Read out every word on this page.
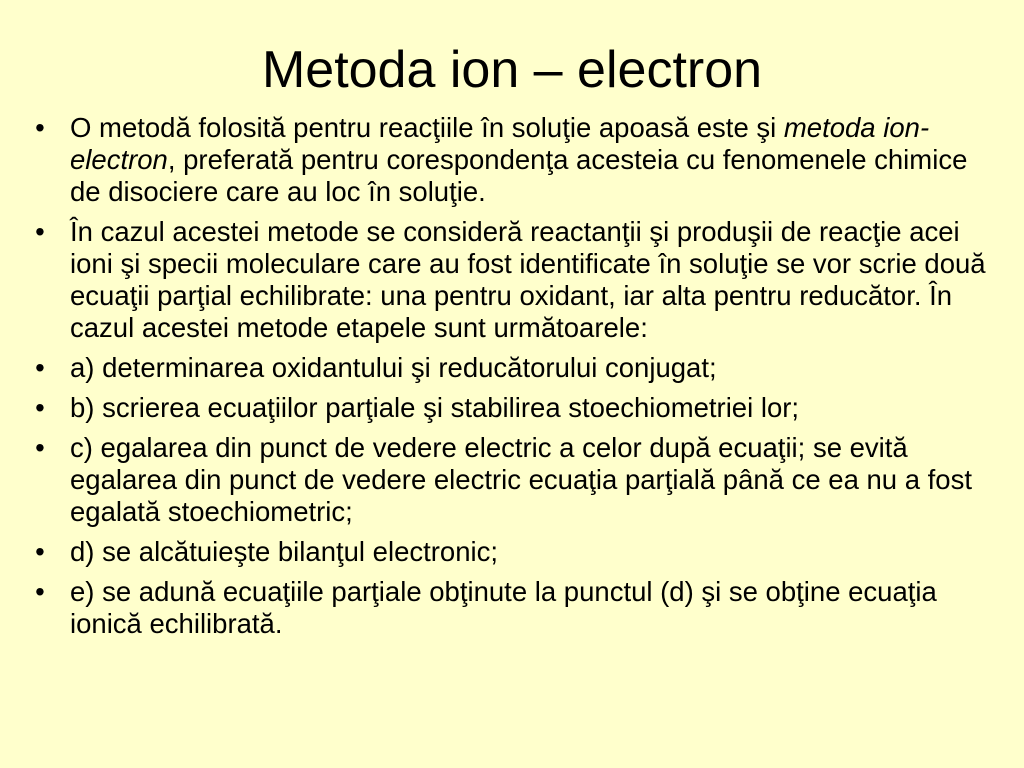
Metoda ion – electron
• O metodă folosită pentru reacţiile în soluţie apoasă este şi metoda ion-electron, preferată pentru corespondenţa acesteia cu fenomenele chimice de disociere care au loc în soluţie.
• În cazul acestei metode se consideră reactanţii şi produşii de reacţie acei ioni şi specii moleculare care au fost identificate în soluţie se vor scrie două ecuaţii parţial echilibrate: una pentru oxidant, iar alta pentru reducător. În cazul acestei metode etapele sunt următoarele:
• a) determinarea oxidantului şi reducătorului conjugat;
• b) scrierea ecuaţiilor parţiale şi stabilirea stoechiometriei lor;
• c) egalarea din punct de vedere electric a celor după ecuaţii; se evită egalarea din punct de vedere electric ecuaţia parţială până ce ea nu a fost egalată stoechiometric;
• d) se alcătuieşte bilanţul electronic;
• e) se adună ecuaţiile parţiale obţinute la punctul (d) şi se obţine ecuaţia ionică echilibrată.
